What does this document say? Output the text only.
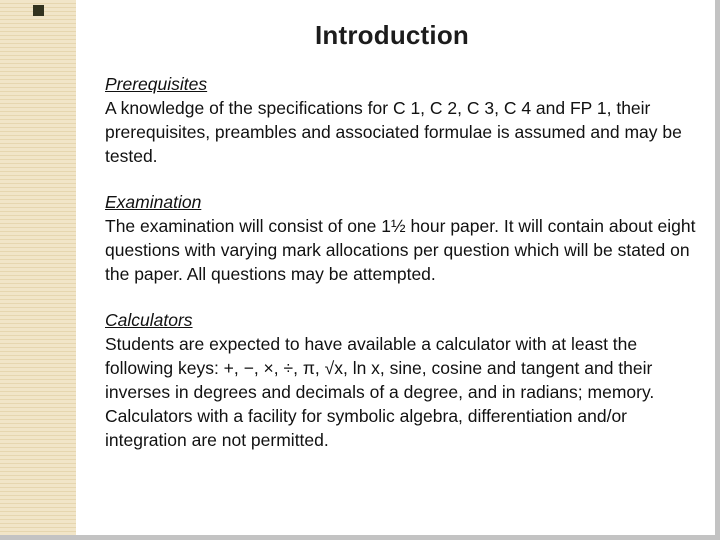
Introduction
Prerequisites
A knowledge of the specifications for C 1, C 2, C 3, C 4 and FP 1, their prerequisites, preambles and associated formulae is assumed and may be tested.
Examination
The examination will consist of one 1½ hour paper. It will contain about eight questions with varying mark allocations per question which will be stated on the paper. All questions may be attempted.
Calculators
Students are expected to have available a calculator with at least the following keys: +, −, ×, ÷, π, √x, ln x, sine, cosine and tangent and their inverses in degrees and decimals of a degree, and in radians; memory. Calculators with a facility for symbolic algebra, differentiation and/or integration are not permitted.
